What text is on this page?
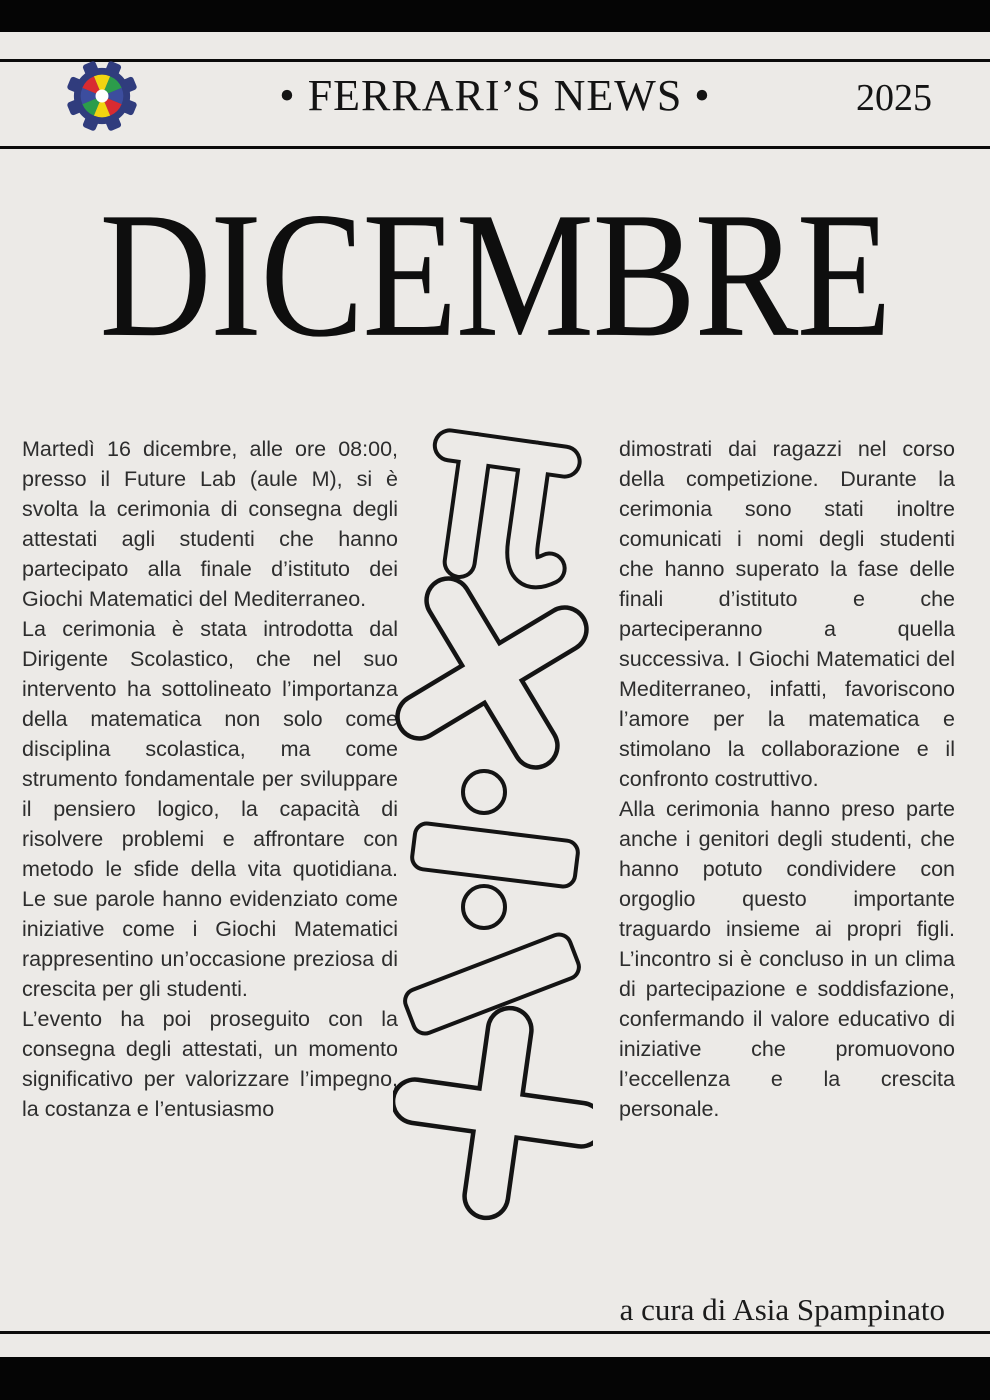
• FERRARI’S NEWS •	2025
DICEMBRE

Martedì 16 dicembre, alle ore 08:00, presso il Future Lab (aule M), si è svolta la cerimonia di consegna degli attestati agli studenti che hanno partecipato alla finale d’istituto dei Giochi Matematici del Mediterraneo.

La cerimonia è stata introdotta dal Dirigente Scolastico, che nel suo intervento ha sottolineato l’importanza della matematica non solo come disciplina scolastica, ma come strumento fondamentale per sviluppare il pensiero logico, la capacità di risolvere problemi e affrontare con metodo le sfide della vita quotidiana. Le sue parole hanno evidenziato come iniziative come i Giochi Matematici rappresentino un’occasione preziosa di crescita per gli studenti.

L’evento ha poi proseguito con la consegna degli attestati, un momento significativo per valorizzare l’impegno, la costanza e l’entusiasmo

dimostrati dai ragazzi nel corso della competizione. Durante la cerimonia sono stati inoltre comunicati i nomi degli studenti che hanno superato la fase delle finali d’istituto e che parteciperanno a quella successiva. I Giochi Matematici del Mediterraneo, infatti, favoriscono l’amore per la matematica e stimolano la collaborazione e il confronto costruttivo.

Alla cerimonia hanno preso parte anche i genitori degli studenti, che hanno potuto condividere con orgoglio questo importante traguardo insieme ai propri figli. L’incontro si è concluso in un clima di partecipazione e soddisfazione, confermando il valore educativo di iniziative che promuovono l’eccellenza e la crescita personale.

a cura di Asia Spampinato
